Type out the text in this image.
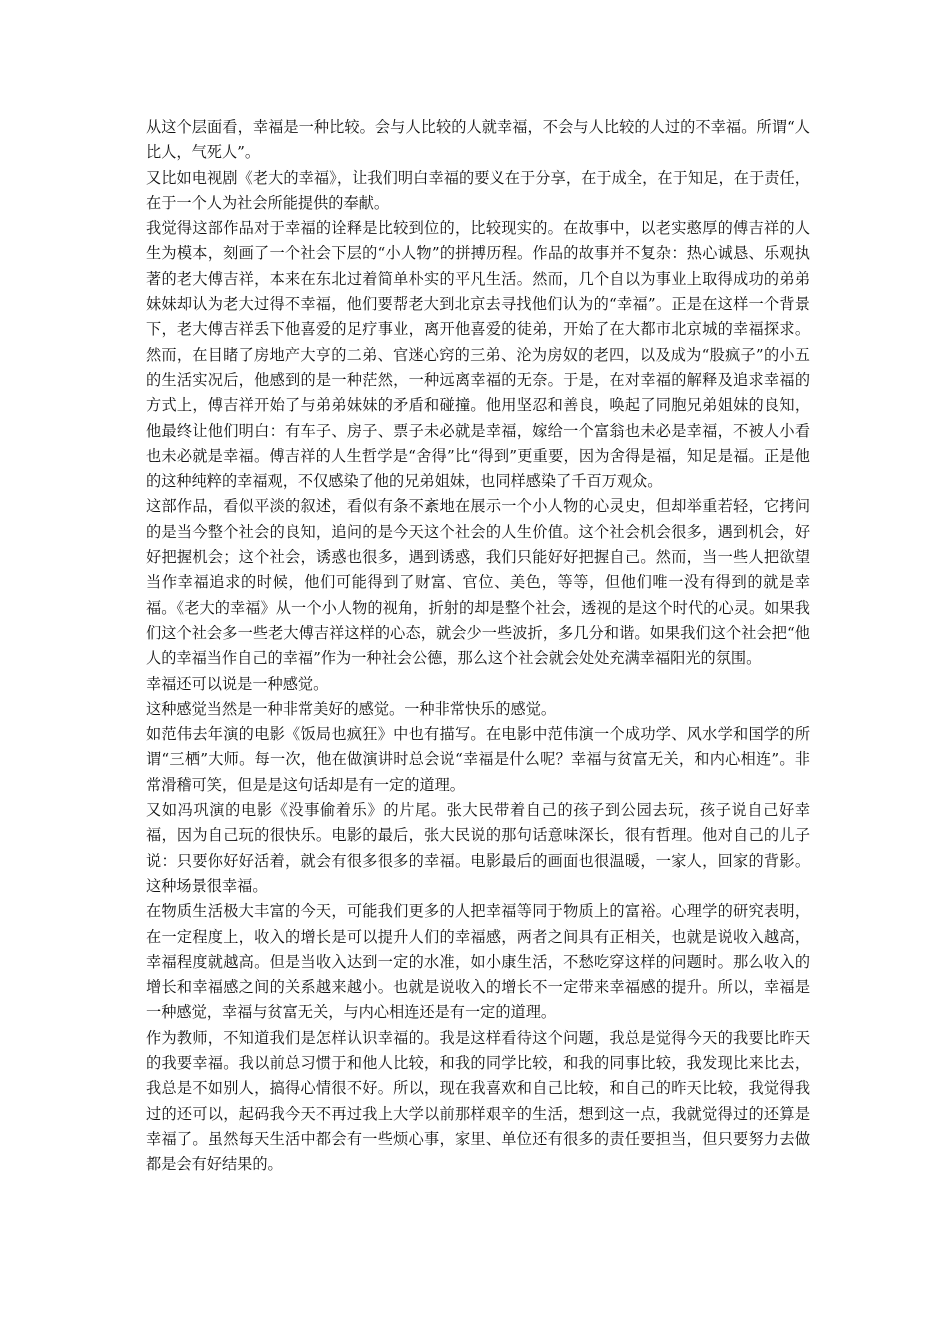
从这个层面看，幸福是一种比较。会与人比较的人就幸福，不会与人比较的人过的不幸福。所谓“人比人，气死人”。

又比如电视剧《老大的幸福》，让我们明白幸福的要义在于分享，在于成全，在于知足，在于责任，在于一个人为社会所能提供的奉献。

我觉得这部作品对于幸福的诠释是比较到位的，比较现实的。在故事中，以老实憨厚的傅吉祥的人生为模本，刻画了一个社会下层的“小人物”的拼搏历程。作品的故事并不复杂：热心诚恳、乐观执著的老大傅吉祥，本来在东北过着简单朴实的平凡生活。然而，几个自以为事业上取得成功的弟弟妹妹却认为老大过得不幸福，他们要帮老大到北京去寻找他们认为的“幸福”。正是在这样一个背景下，老大傅吉祥丢下他喜爱的足疗事业，离开他喜爱的徒弟，开始了在大都市北京城的幸福探求。然而，在目睹了房地产大亨的二弟、官迷心窍的三弟、沦为房奴的老四，以及成为“股疯子”的小五的生活实况后，他感到的是一种茫然，一种远离幸福的无奈。于是，在对幸福的解释及追求幸福的方式上，傅吉祥开始了与弟弟妹妹的矛盾和碰撞。他用坚忍和善良，唤起了同胞兄弟姐妹的良知，他最终让他们明白：有车子、房子、票子未必就是幸福，嫁给一个富翁也未必是幸福，不被人小看也未必就是幸福。傅吉祥的人生哲学是“舍得”比“得到”更重要，因为舍得是福，知足是福。正是他的这种纯粹的幸福观，不仅感染了他的兄弟姐妹，也同样感染了千百万观众。

这部作品，看似平淡的叙述，看似有条不紊地在展示一个小人物的心灵史，但却举重若轻，它拷问的是当今整个社会的良知，追问的是今天这个社会的人生价值。这个社会机会很多，遇到机会，好好把握机会；这个社会，诱惑也很多，遇到诱惑，我们只能好好把握自己。然而，当一些人把欲望当作幸福追求的时候，他们可能得到了财富、官位、美色，等等，但他们唯一没有得到的就是幸福。《老大的幸福》从一个小人物的视角，折射的却是整个社会，透视的是这个时代的心灵。如果我们这个社会多一些老大傅吉祥这样的心态，就会少一些波折，多几分和谐。如果我们这个社会把“他人的幸福当作自己的幸福”作为一种社会公德，那么这个社会就会处处充满幸福阳光的氛围。

幸福还可以说是一种感觉。

这种感觉当然是一种非常美好的感觉。一种非常快乐的感觉。

如范伟去年演的电影《饭局也疯狂》中也有描写。在电影中范伟演一个成功学、风水学和国学的所谓“三栖”大师。每一次，他在做演讲时总会说“幸福是什么呢？幸福与贫富无关，和内心相连”。非常滑稽可笑，但是是这句话却是有一定的道理。

又如冯巩演的电影《没事偷着乐》的片尾。张大民带着自己的孩子到公园去玩，孩子说自己好幸福，因为自己玩的很快乐。电影的最后，张大民说的那句话意味深长，很有哲理。他对自己的儿子说：只要你好好活着，就会有很多很多的幸福。电影最后的画面也很温暖，一家人，回家的背影。这种场景很幸福。

在物质生活极大丰富的今天，可能我们更多的人把幸福等同于物质上的富裕。心理学的研究表明，在一定程度上，收入的增长是可以提升人们的幸福感，两者之间具有正相关，也就是说收入越高，幸福程度就越高。但是当收入达到一定的水准，如小康生活，不愁吃穿这样的问题时。那么收入的增长和幸福感之间的关系越来越小。也就是说收入的增长不一定带来幸福感的提升。所以，幸福是一种感觉，幸福与贫富无关，与内心相连还是有一定的道理。

作为教师，不知道我们是怎样认识幸福的。我是这样看待这个问题，我总是觉得今天的我要比昨天的我要幸福。我以前总习惯于和他人比较，和我的同学比较，和我的同事比较，我发现比来比去，我总是不如别人，搞得心情很不好。所以，现在我喜欢和自己比较，和自己的昨天比较，我觉得我过的还可以，起码我今天不再过我上大学以前那样艰辛的生活，想到这一点，我就觉得过的还算是幸福了。虽然每天生活中都会有一些烦心事，家里、单位还有很多的责任要担当，但只要努力去做都是会有好结果的。
